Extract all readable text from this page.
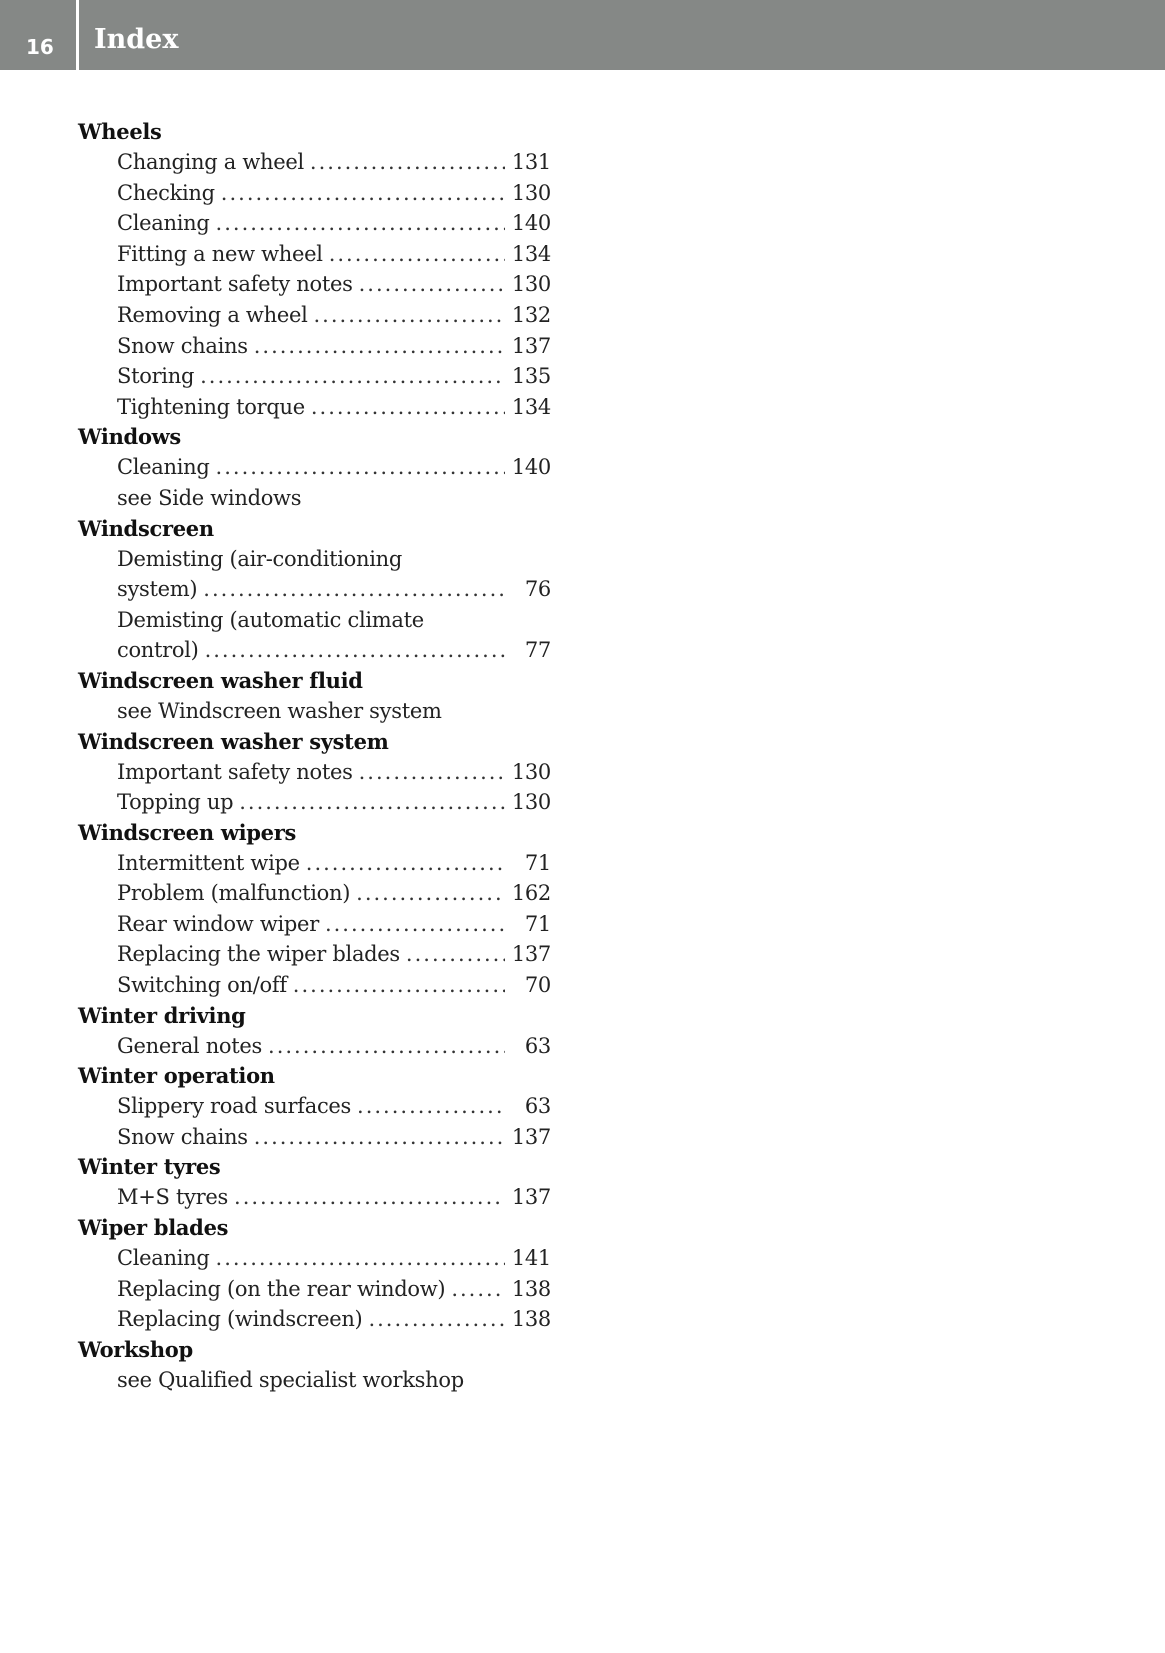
16 Index
Wheels
Changing a wheel .....	131
Checking .....	130
Cleaning .....	140
Fitting a new wheel .....	134
Important safety notes .....	130
Removing a wheel .....	132
Snow chains .....	137
Storing .....	135
Tightening torque .....	134
Windows
Cleaning .....	140
see Side windows
Windscreen
Demisting (air-conditioning
system) .....	76
Demisting (automatic climate
control) .....	77
Windscreen washer fluid
see Windscreen washer system
Windscreen washer system
Important safety notes .....	130
Topping up .....	130
Windscreen wipers
Intermittent wipe .....	71
Problem (malfunction) .....	162
Rear window wiper .....	71
Replacing the wiper blades .....	137
Switching on/off .....	70
Winter driving
General notes .....	63
Winter operation
Slippery road surfaces .....	63
Snow chains .....	137
Winter tyres
M+S tyres .....	137
Wiper blades
Cleaning .....	141
Replacing (on the rear window) .....	138
Replacing (windscreen) .....	138
Workshop
see Qualified specialist workshop
